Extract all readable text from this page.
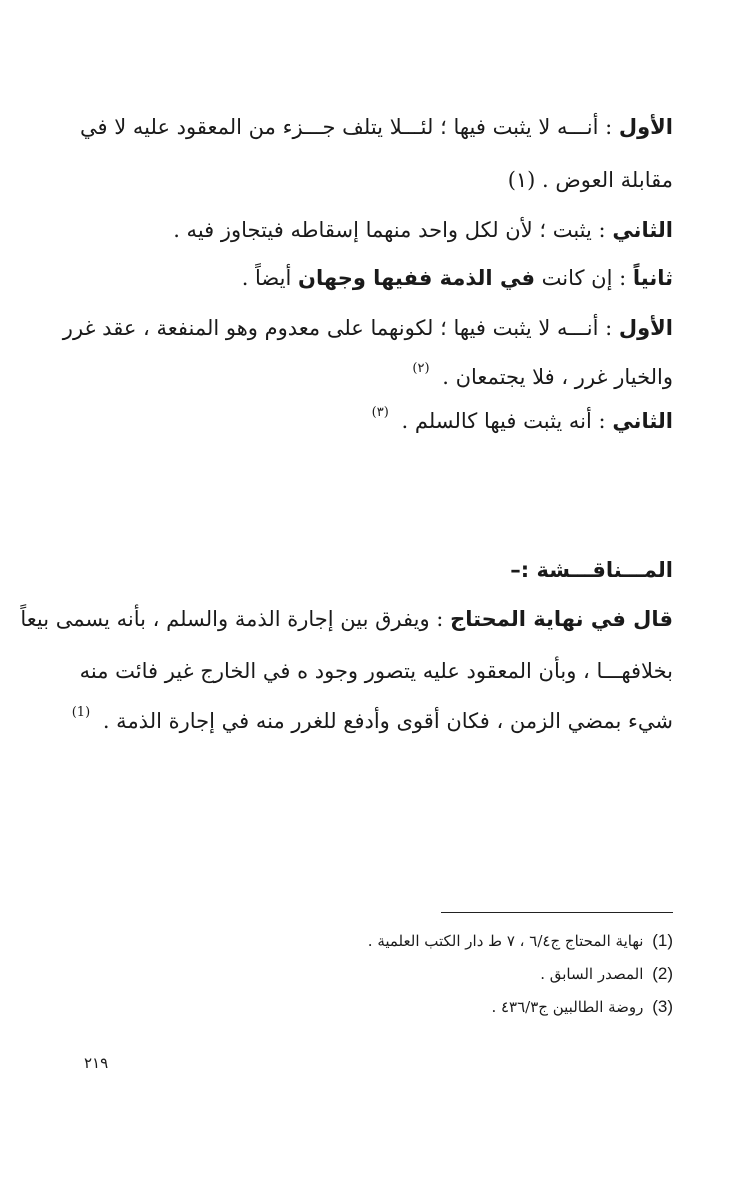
الأول : أنـــه لا يثبت فيها ؛ لئـــلا يتلف جـــزء من المعقود عليه لا في
مقابلة العوض . (١)
الثاني : يثبت ؛ لأن لكل واحد منهما إسقاطه فيتجاوز فيه .
ثانياً : إن كانت في الذمة ففيها وجهان أيضاً .
الأول : أنـــه لا يثبت فيها ؛ لكونهما على معدوم وهو المنفعة ، عقد غرر
والخيار غرر ، فلا يجتمعان . $^{(٢)}$
الثاني : أنه يثبت فيها كالسلم . $^{(٣)}$
المـــناقـــشة :–
قال في نهاية المحتاج : ويفرق بين إجارة الذمة والسلم ، بأنه يسمى بيعاً
بخلافهـــا ، وبأن المعقود عليه يتصور وجود ه في الخارج غير فائت منه
شيء بمضي الزمن ، فكان أقوى وأدفع للغرر منه في إجارة الذمة . $^{(1)}$
(1) نهاية المحتاج ج٦/٤ ، ٧ ط دار الكتب العلمية .
(2) المصدر السابق .
(3) روضة الطالبين ج٤٣٦/٣ .
٢١٩
